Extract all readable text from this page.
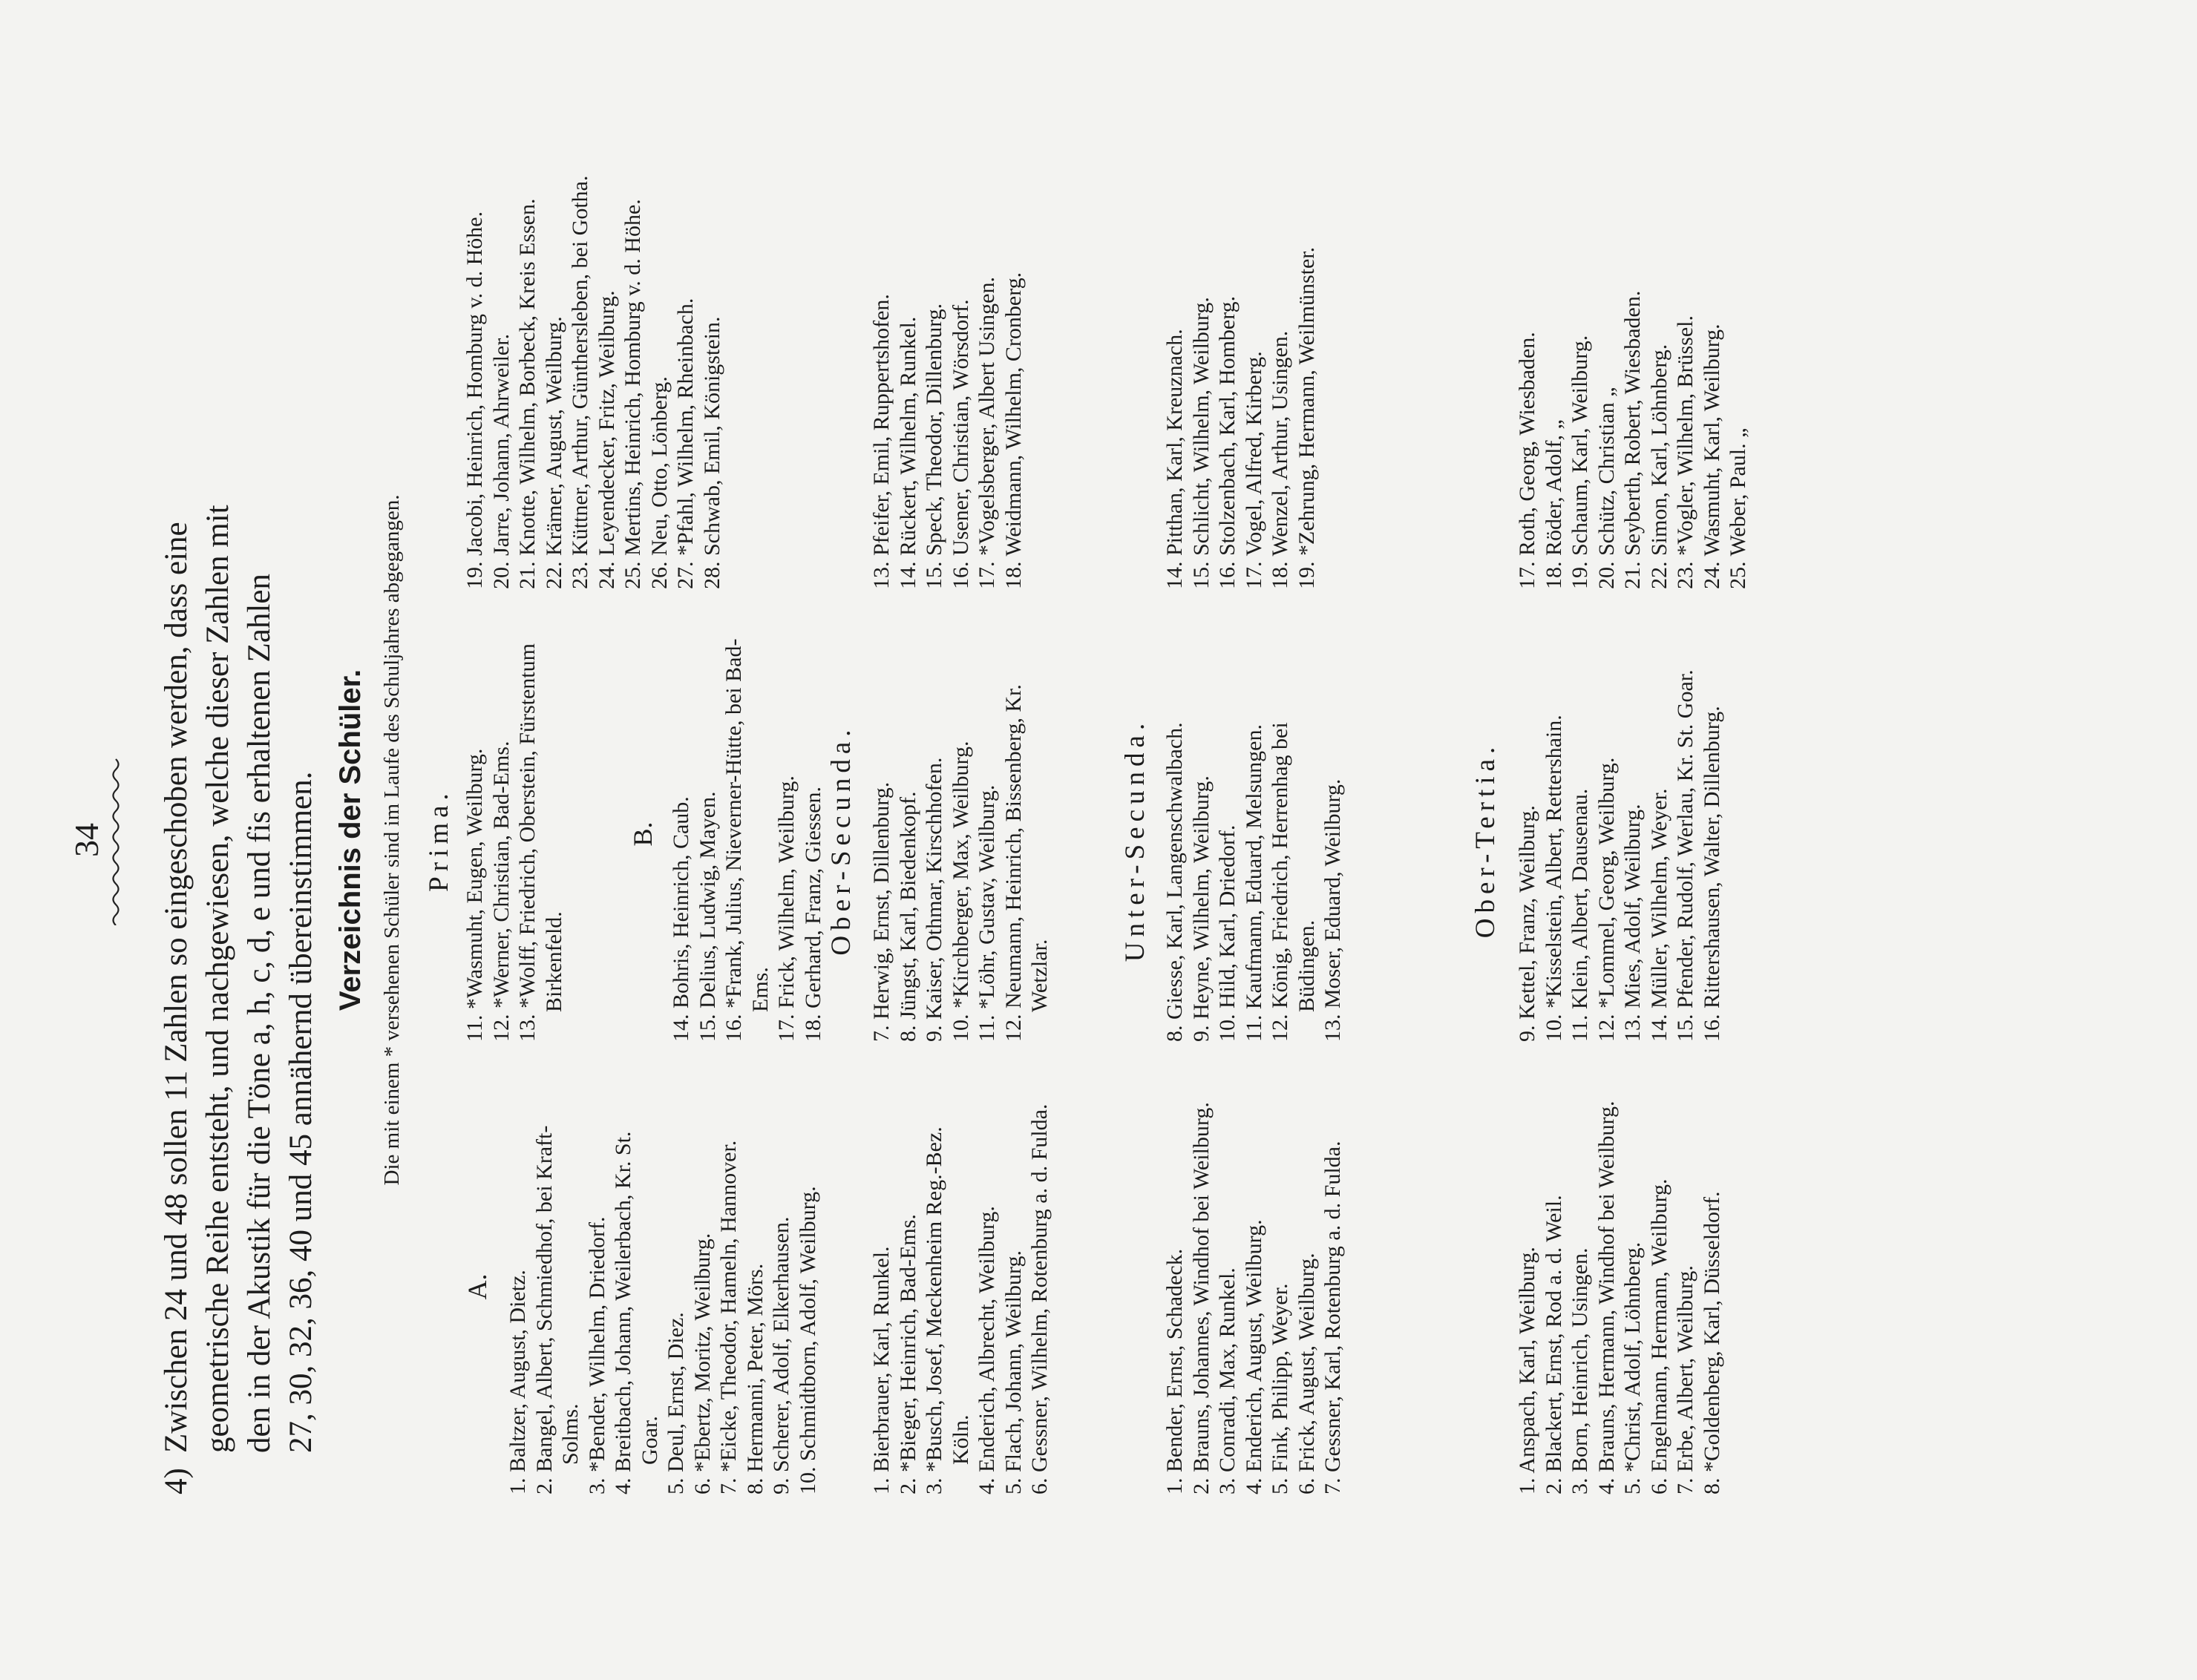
34
4)Zwischen 24 und 48 sollen 11 Zahlen so eingeschoben werden, dass eine geometrische Reihe entsteht, und nachgewiesen, welche dieser Zahlen mit den in der Akustik für die Töne a, h, c, d, e und fis erhaltenen Zahlen 27, 30, 32, 36, 40 und 45 annähernd übereinstimmen. Verzeichnis der Schüler. Die mit einem * versehenen Schüler sind im Laufe des Schuljahres abgegangen. Prima.
A. 1. Baltzer, August, Dietz. 2. Bangel, Albert, Schmiedhof, bei Kraft-Solms. 3. *Bender, Wilhelm, Driedorf. 4. Breitbach, Johann, Weilerbach, Kr. St. Goar. 5. Deul, Ernst, Diez. 6. *Ebertz, Moritz, Weilburg. 7. *Eicke, Theodor, Hameln, Hannover. 8. Hermanni, Peter, Mörs. 9. Scherer, Adolf, Elkerhausen. 10. Schmidtborn, Adolf, Weilburg.
11. *Wasmuht, Eugen, Weilburg. 12. *Werner, Christian, Bad-Ems. 13. *Wolff, Friedrich, Oberstein, Fürstentum Birkenfeld.
B. 14. Bohris, Heinrich, Caub. 15. Delius, Ludwig, Mayen. 16. *Frank, Julius, Nieverner-Hütte, bei Bad-Ems. 17. Frick, Wilhelm, Weilburg. 18. Gerhard, Franz, Giessen.
19. Jacobi, Heinrich, Homburg v. d. Höhe. 20. Jarre, Johann, Ahrweiler. 21. Knotte, Wilhelm, Borbeck, Kreis Essen. 22. Krämer, August, Weilburg. 23. Küttner, Arthur, Günthersleben, bei Gotha. 24. Leyendecker, Fritz, Weilburg. 25. Mertins, Heinrich, Homburg v. d. Höhe. 26. Neu, Otto, Lönberg. 27. *Pfahl, Wilhelm, Rheinbach. 28. Schwab, Emil, Königstein.
Ober-Secunda.
1. Bierbrauer, Karl, Runkel. 2. *Bieger, Heinrich, Bad-Ems. 3. *Busch, Josef, Meckenheim Reg.-Bez. Köln. 4. Enderich, Albrecht, Weilburg. 5. Flach, Johann, Weilburg. 6. Gessner, Wilhelm, Rotenburg a. d. Fulda.
7. Herwig, Ernst, Dillenburg. 8. Jüngst, Karl, Biedenkopf. 9. Kaiser, Othmar, Kirschhofen. 10. *Kirchberger, Max, Weilburg. 11. *Löhr, Gustav, Weilburg. 12. Neumann, Heinrich, Bissenberg, Kr. Wetzlar.
13. Pfeifer, Emil, Ruppertshofen. 14. Rückert, Wilhelm, Runkel. 15. Speck, Theodor, Dillenburg. 16. Usener, Christian, Wörsdorf. 17. *Vogelsberger, Albert Usingen. 18. Weidmann, Wilhelm, Cronberg.
Unter-Secunda.
1. Bender, Ernst, Schadeck. 2. Brauns, Johannes, Windhof bei Weilburg. 3. Conradi, Max, Runkel. 4. Enderich, August, Weilburg. 5. Fink, Philipp, Weyer. 6. Frick, August, Weilburg. 7. Gessner, Karl, Rotenburg a. d. Fulda.
8. Giesse, Karl, Langenschwalbach. 9. Heyne, Wilhelm, Weilburg. 10. Hild, Karl, Driedorf. 11. Kaufmann, Eduard, Melsungen. 12. König, Friedrich, Herrenhag bei Büdingen. 13. Moser, Eduard, Weilburg.
14. Pitthan, Karl, Kreuznach. 15. Schlicht, Wilhelm, Weilburg. 16. Stolzenbach, Karl, Homberg. 17. Vogel, Alfred, Kirberg. 18. Wenzel, Arthur, Usingen. 19. *Zehrung, Hermann, Weilmünster.
Ober-Tertia.
1. Anspach, Karl, Weilburg. 2. Blackert, Ernst, Rod a. d. Weil. 3. Born, Heinrich, Usingen. 4. Brauns, Hermann, Windhof bei Weilburg. 5. *Christ, Adolf, Löhnberg. 6. Engelmann, Hermann, Weilburg. 7. Erbe, Albert, Weilburg. 8. *Goldenberg, Karl, Düsseldorf.
9. Kettel, Franz, Weilburg. 10. *Kisselstein, Albert, Rettershain. 11. Klein, Albert, Dausenau. 12. *Lommel, Georg, Weilburg. 13. Mies, Adolf, Weilburg. 14. Müller, Wilhelm, Weyer. 15. Pfender, Rudolf, Werlau, Kr. St. Goar. 16. Rittershausen, Walter, Dillenburg.
17. Roth, Georg, Wiesbaden. 18. Röder, Adolf, „ 19. Schaum, Karl, Weilburg. 20. Schütz, Christian „ 21. Seyberth, Robert, Wiesbaden. 22. Simon, Karl, Löhnberg. 23. *Vogler, Wilhelm, Brüssel. 24. Wasmuht, Karl, Weilburg. 25. Weber, Paul. „
